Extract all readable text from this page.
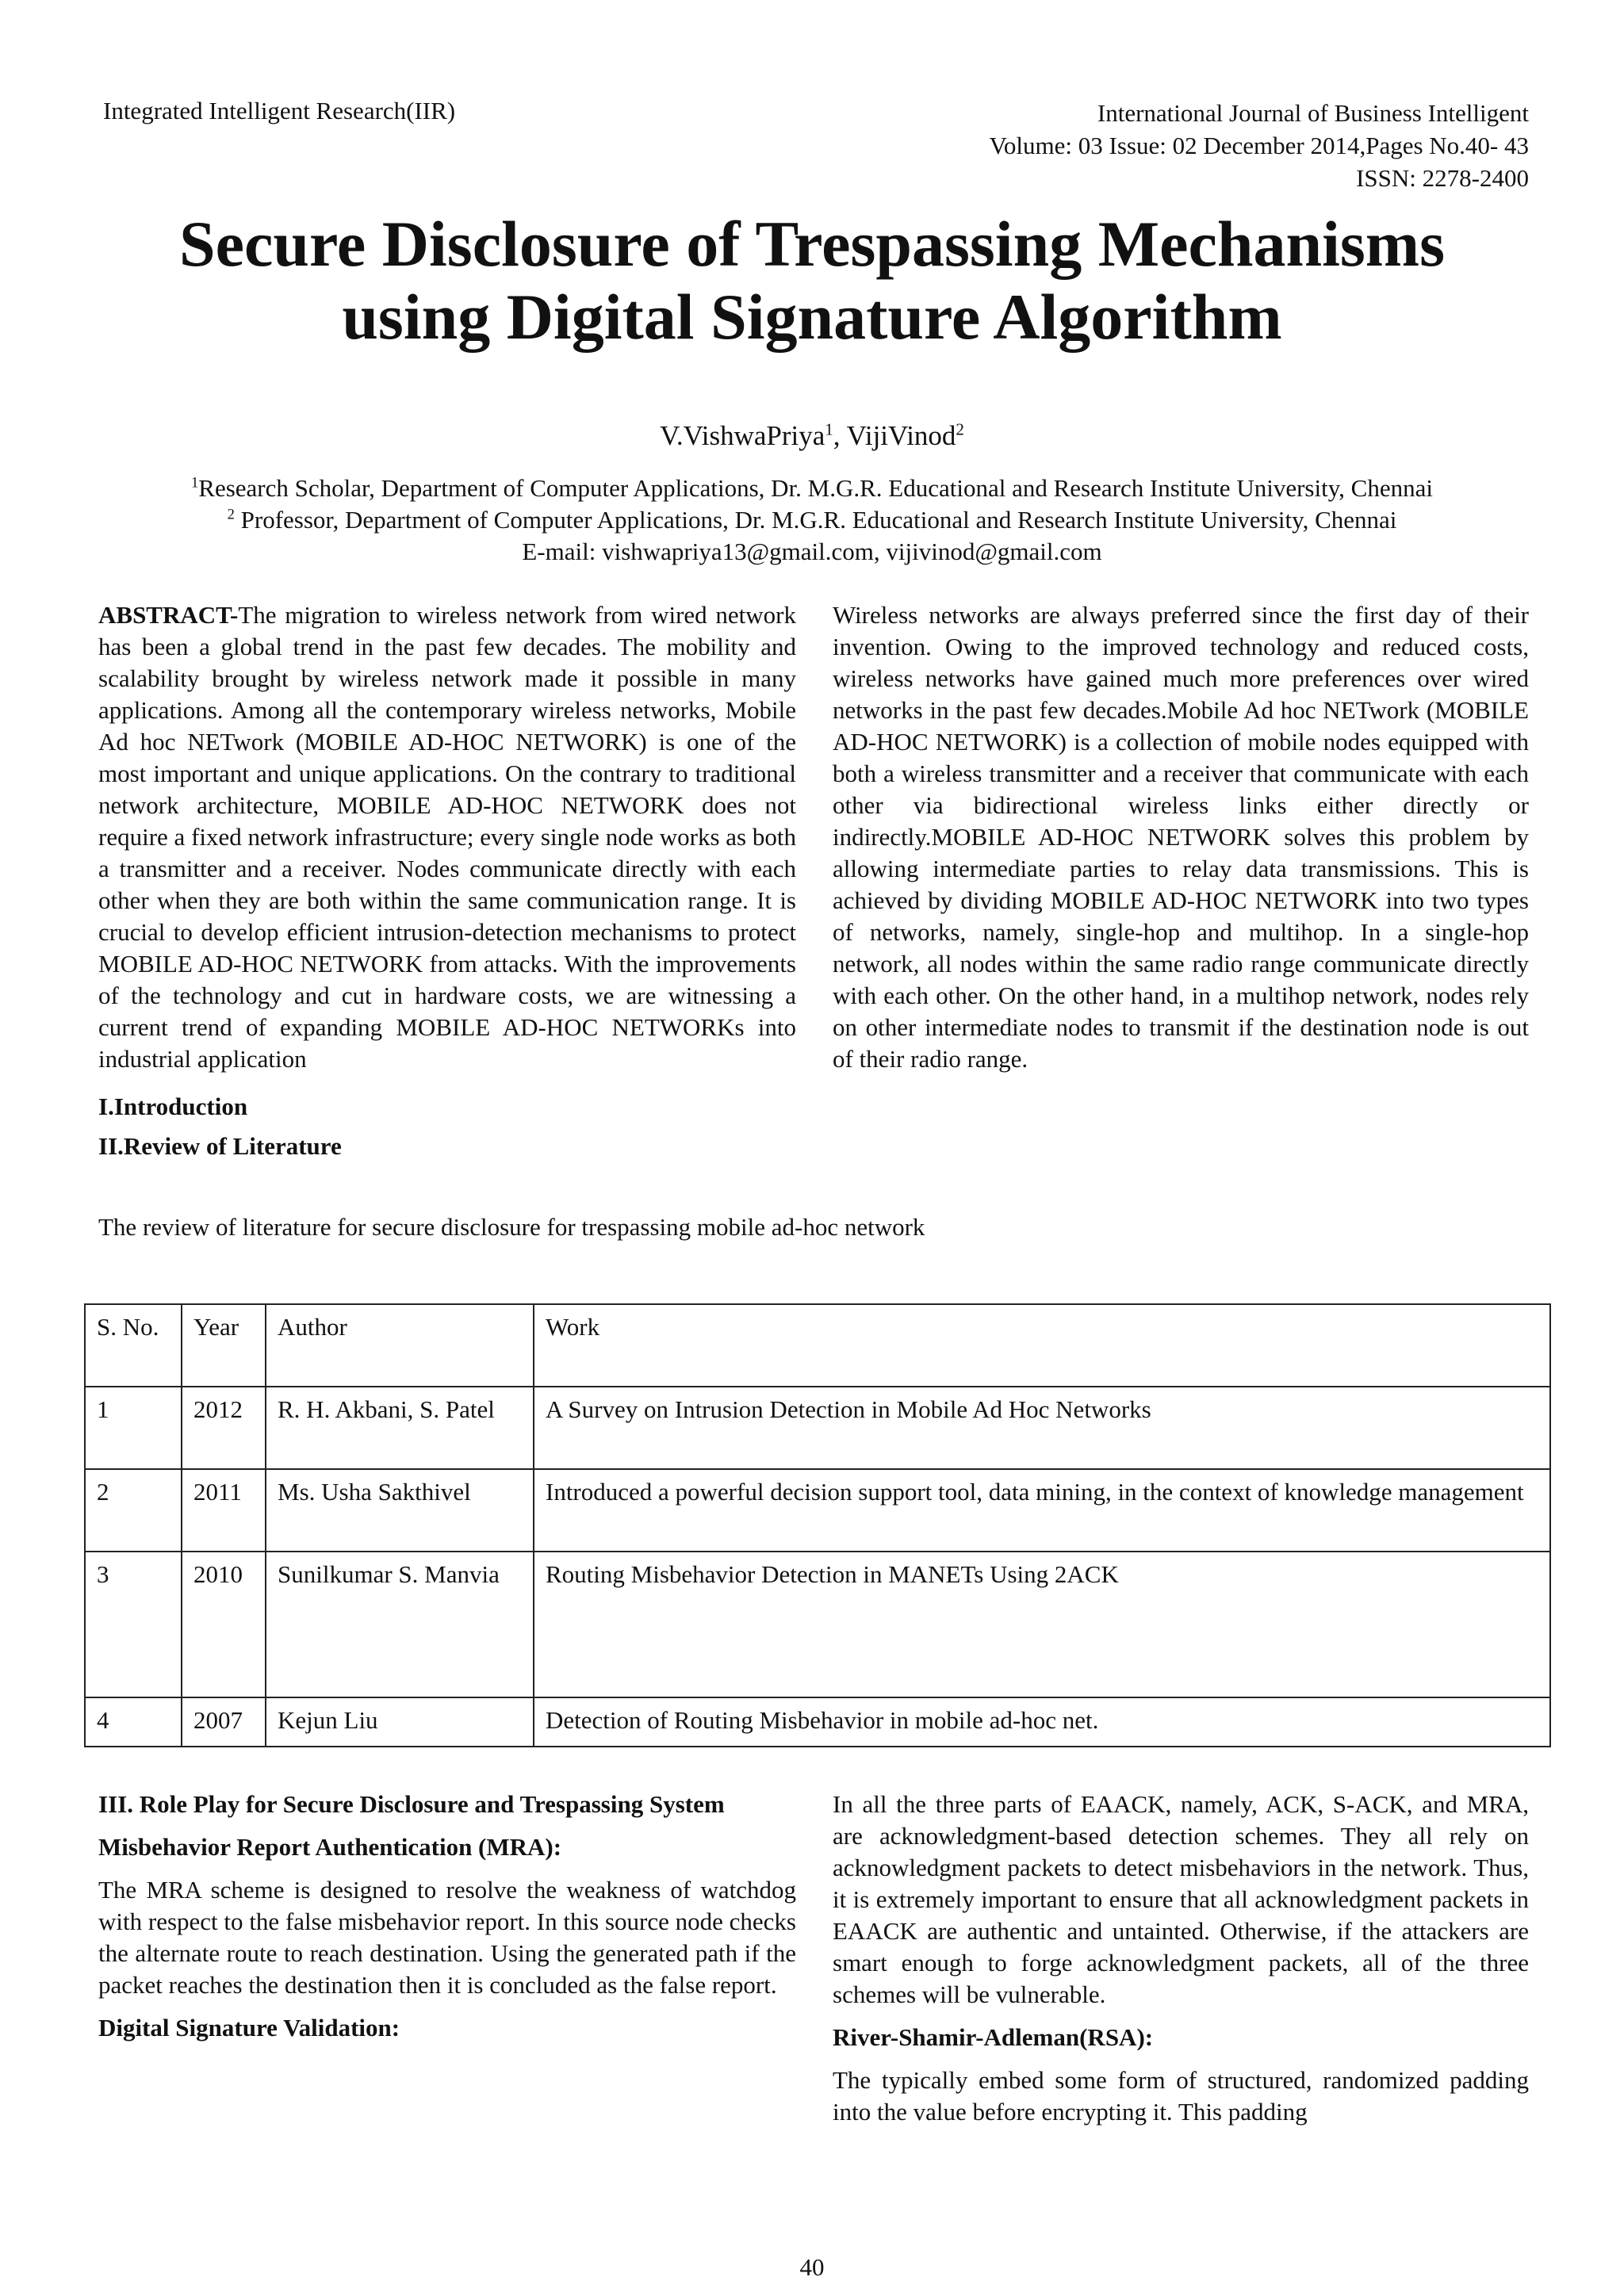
Integrated Intelligent Research(IIR)	International Journal of Business Intelligent
Volume: 03 Issue: 02 December 2014,Pages No.40- 43
ISSN: 2278-2400
Secure Disclosure of Trespassing Mechanisms
using Digital Signature Algorithm
V.VishwaPriya$^1$, VijiVinod$^2$
$^1$Research Scholar, Department of Computer Applications, Dr. M.G.R. Educational and Research Institute University, Chennai
$^2$ Professor, Department of Computer Applications, Dr. M.G.R. Educational and Research Institute University, Chennai
E-mail: vishwapriya13@gmail.com, vijivinod@gmail.com

ABSTRACT-The migration to wireless network from wired network has been a global trend in the past few decades. The mobility and scalability brought by wireless network made it possible in many applications. Among all the contemporary wireless networks, Mobile Ad hoc NETwork (MOBILE AD-HOC NETWORK) is one of the most important and unique applications. On the contrary to traditional network architecture, MOBILE AD-HOC NETWORK does not require a fixed network infrastructure; every single node works as both a transmitter and a receiver. Nodes communicate directly with each other when they are both within the same communication range. It is crucial to develop efficient intrusion-detection mechanisms to protect MOBILE AD-HOC NETWORK from attacks. With the improvements of the technology and cut in hardware costs, we are witnessing a current trend of expanding MOBILE AD-HOC NETWORKs into industrial application

I.Introduction

II.Review of Literature

The review of literature for secure disclosure for trespassing mobile ad-hoc network

Wireless networks are always preferred since the first day of their invention. Owing to the improved technology and reduced costs, wireless networks have gained much more preferences over wired networks in the past few decades.Mobile Ad hoc NETwork (MOBILE AD-HOC NETWORK) is a collection of mobile nodes equipped with both a wireless transmitter and a receiver that communicate with each other via bidirectional wireless links either directly or indirectly.MOBILE AD-HOC NETWORK solves this problem by allowing intermediate parties to relay data transmissions. This is achieved by dividing MOBILE AD-HOC NETWORK into two types of networks, namely, single-hop and multihop. In a single-hop network, all nodes within the same radio range communicate directly with each other. On the other hand, in a multihop network, nodes rely on other intermediate nodes to transmit if the destination node is out of their radio range.

S. No.	Year	Author	Work
1	2012	R. H. Akbani, S. Patel	A Survey on Intrusion Detection in Mobile Ad Hoc Networks
2	2011	Ms. Usha Sakthivel	Introduced a powerful decision support tool, data mining, in the context of knowledge management
3	2010	Sunilkumar S. Manvia	Routing Misbehavior Detection in MANETs Using 2ACK
4	2007	Kejun Liu	Detection of Routing Misbehavior in mobile ad-hoc net.

III. Role Play for Secure Disclosure and Trespassing System

Misbehavior Report Authentication (MRA):

The MRA scheme is designed to resolve the weakness of watchdog with respect to the false misbehavior report. In this source node checks the alternate route to reach destination. Using the generated path if the packet reaches the destination then it is concluded as the false report.

Digital Signature Validation:

In all the three parts of EAACK, namely, ACK, S-ACK, and MRA, are acknowledgment-based detection schemes. They all rely on acknowledgment packets to detect misbehaviors in the network. Thus, it is extremely important to ensure that all acknowledgment packets in EAACK are authentic and untainted. Otherwise, if the attackers are smart enough to forge acknowledgment packets, all of the three schemes will be vulnerable.

River-Shamir-Adleman(RSA):

The typically embed some form of structured, randomized padding into the value before encrypting it. This padding

40
